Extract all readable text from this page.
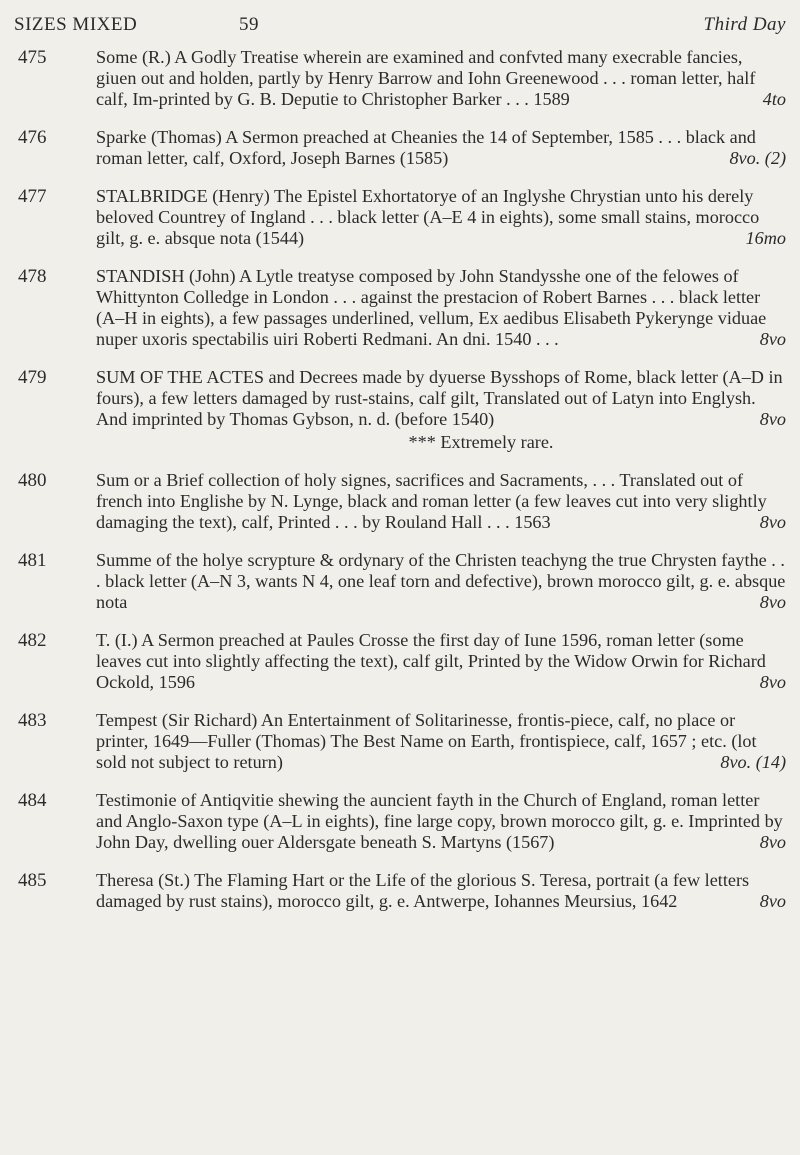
SIZES MIXED	59	Third Day
475	Some (R.) A Godly Treatise wherein are examined and confvted many execrable fancies, giuen out and holden, partly by Henry Barrow and Iohn Greenewood . . . roman letter, half calf, Im-printed by G. B. Deputie to Christopher Barker . . . 1589	4to
476	Sparke (Thomas) A Sermon preached at Cheanies the 14 of September, 1585 . . . black and roman letter, calf, Oxford, Joseph Barnes (1585)	8vo. (2)
477	STALBRIDGE (Henry) The Epistel Exhortatorye of an Inglyshe Chrystian unto his derely beloved Countrey of Ingland . . . black letter (A–E 4 in eights), some small stains, morocco gilt, g. e. absque nota (1544)	16mo
478	STANDISH (John) A Lytle treatyse composed by John Standysshe one of the felowes of Whittynton Colledge in London . . . against the prestacion of Robert Barnes . . . black letter (A–H in eights), a few passages underlined, vellum, Ex aedibus Elisabeth Pykerynge viduae nuper uxoris spectabilis uiri Roberti Redmani. An dni. 1540 . . .	8vo
479	SUM OF THE ACTES and Decrees made by dyuerse Bysshops of Rome, black letter (A–D in fours), a few letters damaged by rust-stains, calf gilt, Translated out of Latyn into Englysh. And imprinted by Thomas Gybson, n. d. (before 1540)	8vo
*** Extremely rare.
480	Sum or a Brief collection of holy signes, sacrifices and Sacraments, . . . Translated out of french into Englishe by N. Lynge, black and roman letter (a few leaves cut into very slightly damaging the text), calf, Printed . . . by Rouland Hall . . . 1563	8vo
481	Summe of the holye scrypture & ordynary of the Christen teachyng the true Chrysten faythe . . . black letter (A–N 3, wants N 4, one leaf torn and defective), brown morocco gilt, g. e. absque nota	8vo
482	T. (I.) A Sermon preached at Paules Crosse the first day of Iune 1596, roman letter (some leaves cut into slightly affecting the text), calf gilt, Printed by the Widow Orwin for Richard Ockold, 1596	8vo
483	Tempest (Sir Richard) An Entertainment of Solitarinesse, frontis-piece, calf, no place or printer, 1649—Fuller (Thomas) The Best Name on Earth, frontispiece, calf, 1657 ; etc. (lot sold not subject to return)	8vo. (14)
484	Testimonie of Antiqvitie shewing the auncient fayth in the Church of England, roman letter and Anglo-Saxon type (A–L in eights), fine large copy, brown morocco gilt, g. e. Imprinted by John Day, dwelling ouer Aldersgate beneath S. Martyns (1567)	8vo
485	Theresa (St.) The Flaming Hart or the Life of the glorious S. Teresa, portrait (a few letters damaged by rust stains), morocco gilt, g. e. Antwerpe, Iohannes Meursius, 1642	8vo
